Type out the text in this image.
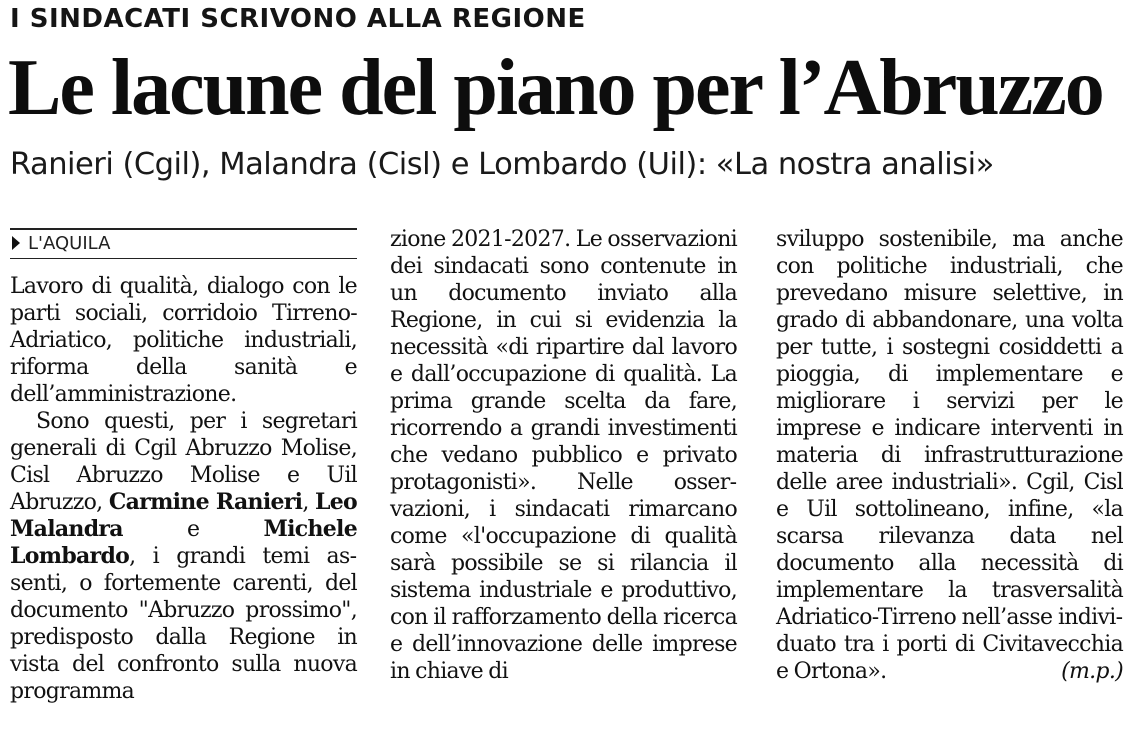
I SINDACATI SCRIVONO ALLA REGIONE
Le lacune del piano per l’Abruzzo
Ranieri (Cgil), Malandra (Cisl) e Lombardo (Uil): «La nostra analisi»
L'AQUILA

Lavoro di qualità, dialogo con le parti sociali, corridoio Tirreno-Adriatico, politiche industriali, riforma della sanità e dell’amministrazione.

Sono questi, per i segretari generali di Cgil Abruzzo Molise, Cisl Abruzzo Molise e Uil Abruzzo, Carmine Ranieri, Leo Malandra e Michele Lombardo, i grandi temi assenti, o fortemente carenti, del documento "Abruzzo prossimo", predisposto dalla Regione in vista del confronto sulla nuova programma

zione 2021-2027. Le osservazioni dei sindacati sono contenute in un documento inviato alla Regione, in cui si evidenzia la necessità «di ripartire dal lavoro e dall’occupazione di qualità. La prima grande scelta da fare, ricorrendo a grandi investimenti che vedano pubblico e privato protagonisti». Nelle osservazioni, i sindacati rimarcano come «l'occupazione di qualità sarà possibile se si rilancia il sistema industriale e produttivo, con il rafforzamento della ricerca e dell’innovazione delle imprese in chiave di

sviluppo sostenibile, ma anche con politiche industriali, che prevedano misure selettive, in grado di abbandonare, una volta per tutte, i sostegni cosiddetti a pioggia, di implementare e migliorare i servizi per le imprese e indicare interventi in materia di infrastrutturazione delle aree industriali». Cgil, Cisl e Uil sottolineano, infine, «la scarsa rilevanza data nel documento alla necessità di implementare la trasversalità Adriatico-Tirreno nell’asse individuato tra i porti di Civitavecchia e Ortona».	(m.p.)
